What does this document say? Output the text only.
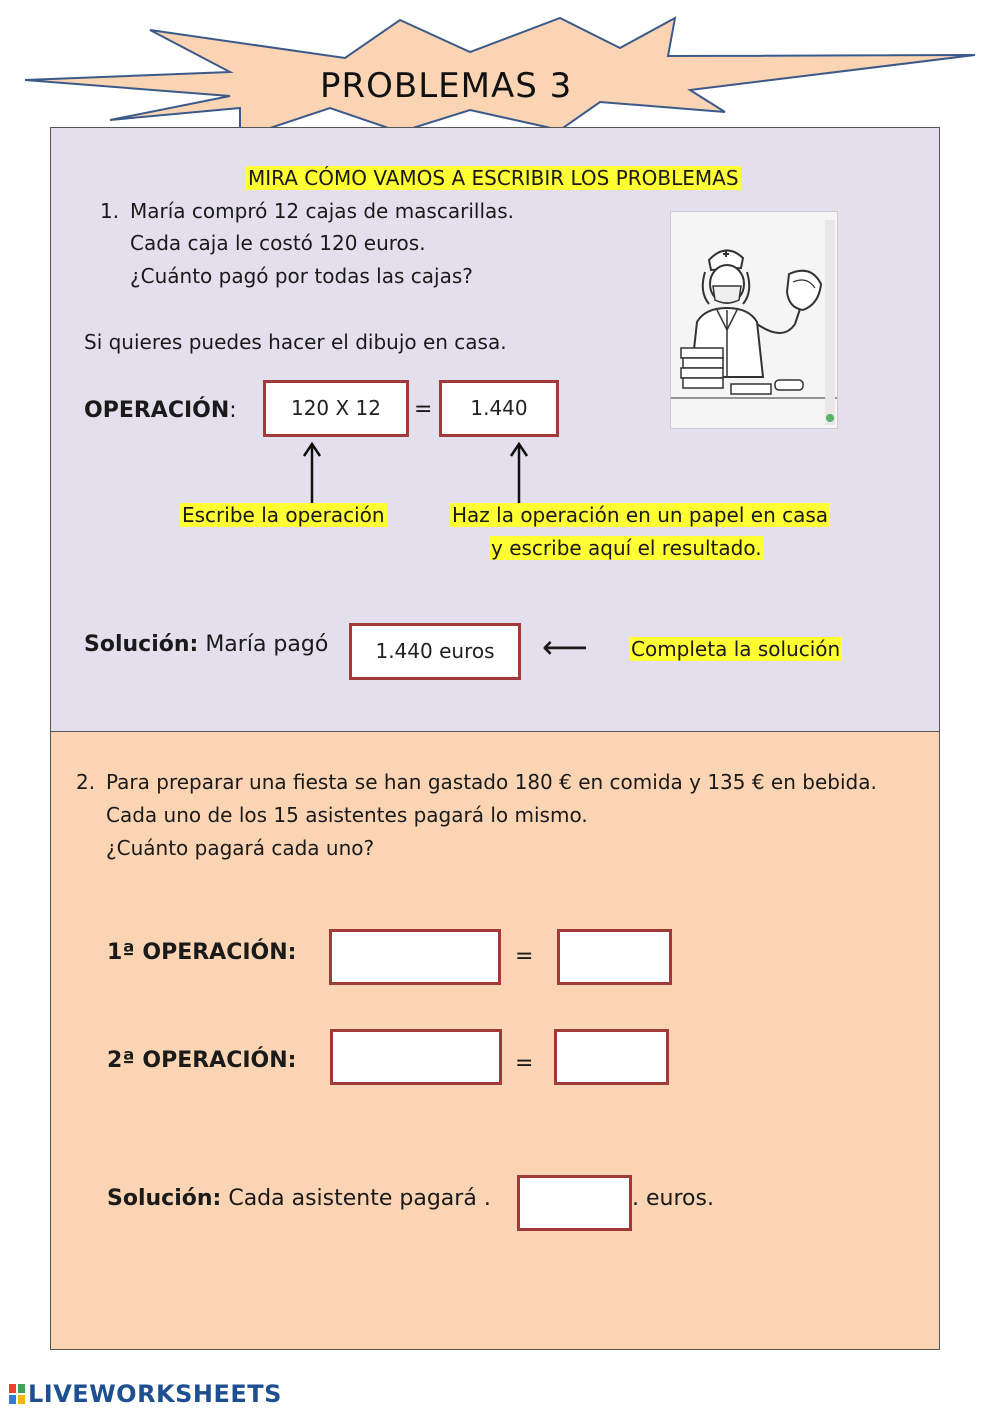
PROBLEMAS 3
MIRA CÓMO VAMOS A ESCRIBIR LOS PROBLEMAS
1. María compró 12 cajas de mascarillas.
Cada caja le costó 120 euros.
¿Cuánto pagó por todas las cajas?
Si quieres puedes hacer el dibujo en casa.
OPERACIÓN:	120 X 12	=	1.440
Escribe la operación	Haz la operación en un papel en casa
y escribe aquí el resultado.
Solución: María pagó	1.440 euros	⟵ Completa la solución
2. Para preparar una fiesta se han gastado 180 € en comida y 135 € en bebida.
Cada uno de los 15 asistentes pagará lo mismo.
¿Cuánto pagará cada uno?
1ª OPERACIÓN:	=
2ª OPERACIÓN:	=
Solución: Cada asistente pagará .	. euros.
LIVEWORKSHEETS
